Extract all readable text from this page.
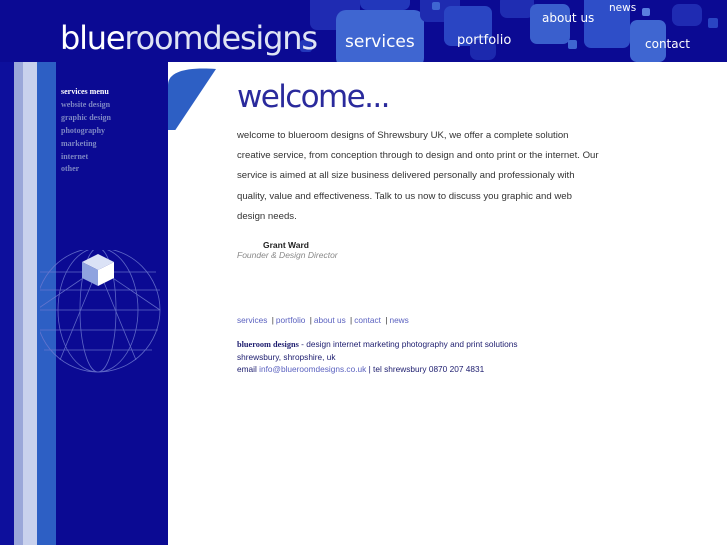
blueroomdesigns services	portfolio
about us
news
contact
services menu
website design
graphic design
photography
marketing
internet
other
welcome...

welcome to blueroom designs of Shrewsbury UK, we offer a complete solution creative service, from conception through to design and onto print or the internet. Our service is aimed at all size business delivered personally and professionaly with quality, value and effectiveness. Talk to us now to discuss you graphic and web design needs.

Grant Ward
Founder & Design Director
services | portfolio | about us | contact | news
blueroom designs - design internet marketing photography and print solutions
shrewsbury, shropshire, uk
email info@blueroomdesigns.co.uk | tel shrewsbury 0870 207 4831
